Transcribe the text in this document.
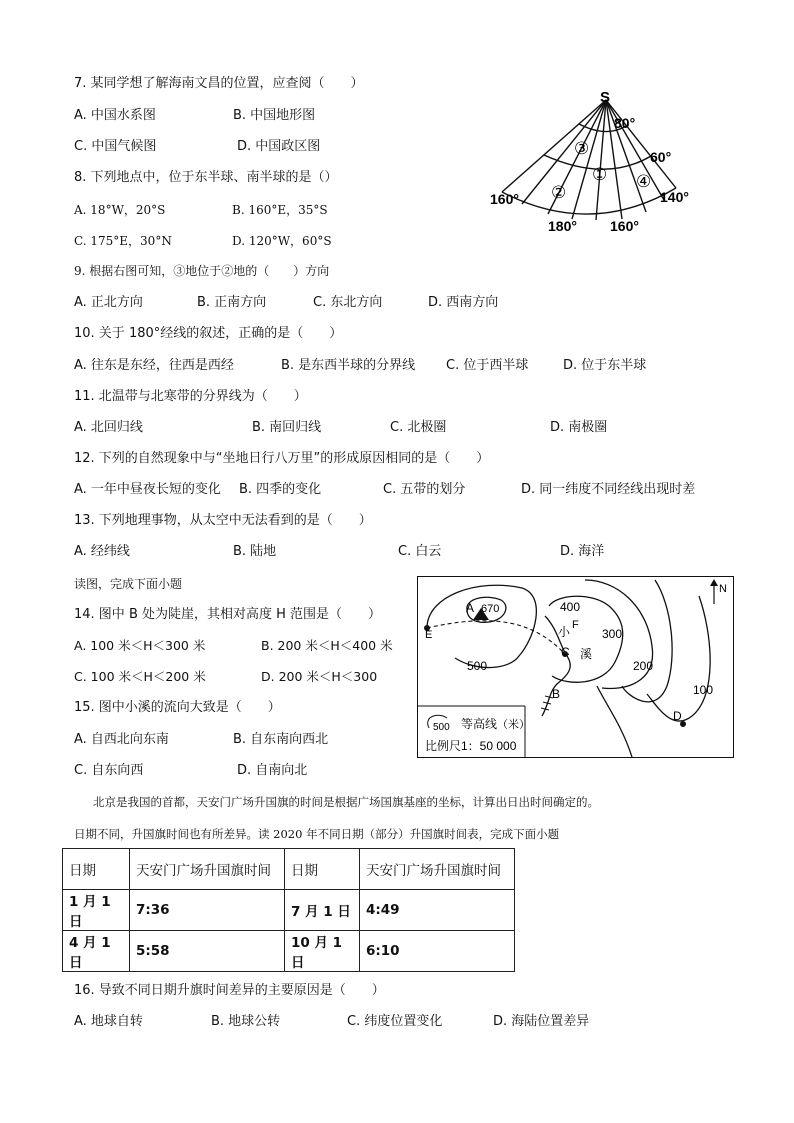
7. 某同学想了解海南文昌的位置，应查阅（　　）
A. 中国水系图	B. 中国地形图
C. 中国气候图	D. 中国政区图
8. 下列地点中，位于东半球、南半球的是（）
A. 18°W，20°S	B. 160°E，35°S
C. 175°E，30°N	D. 120°W，60°S
S
80°
60°
140°
160°
180° 160°
③
①
②
④
9. 根据右图可知，③地位于②地的（　　）方向
A. 正北方向	B. 正南方向	C. 东北方向	D. 西南方向
10. 关于 180°经线的叙述，正确的是（　　）
A. 往东是东经，往西是西经	B. 是东西半球的分界线 C. 位于西半球	D. 位于东半球
11. 北温带与北寒带的分界线为（　　）
A. 北回归线	B. 南回归线	C. 北极圈	D. 南极圈
12. 下列的自然现象中与“坐地日行八万里”的形成原因相同的是（　　）
A. 一年中昼夜长短的变化 B. 四季的变化	C. 五带的划分	D. 同一纬度不同经线出现时差
13. 下列地理事物，从太空中无法看到的是（　　）
A. 经纬线	B. 陆地	C. 白云	D. 海洋
读图，完成下面小题
14. 图中 B 处为陡崖，其相对高度 H 范围是（　　）
A. 100 米＜H＜300 米	B. 200 米＜H＜400 米
C. 100 米＜H＜200 米	D. 200 米＜H＜300
15. 图中小溪的流向大致是（　　）
A. 自西北向东南	B. 自东南向西北
C. 自东向西	D. 自南向北
N
A 670
E
C
B
D
400
300
200
100
500
小 F
溪
500 等高线 （米）
比例尺1：50 000
北京是我国的首都，天安门广场升国旗的时间是根据广场国旗基座的坐标，计算出日出时间确定的。
日期不同，升国旗时间也有所差异。读 2020 年不同日期（部分）升国旗时间表，完成下面小题
日期	天安门广场升国旗时间	日期	天安门广场升国旗时间
1 月 1 日	7:36	7 月 1 日	4:49
4 月 1 日	5:58	10 月 1 日	6:10
16. 导致不同日期升旗时间差异的主要原因是（　　）
A. 地球自转	B. 地球公转	C. 纬度位置变化	D. 海陆位置差异
